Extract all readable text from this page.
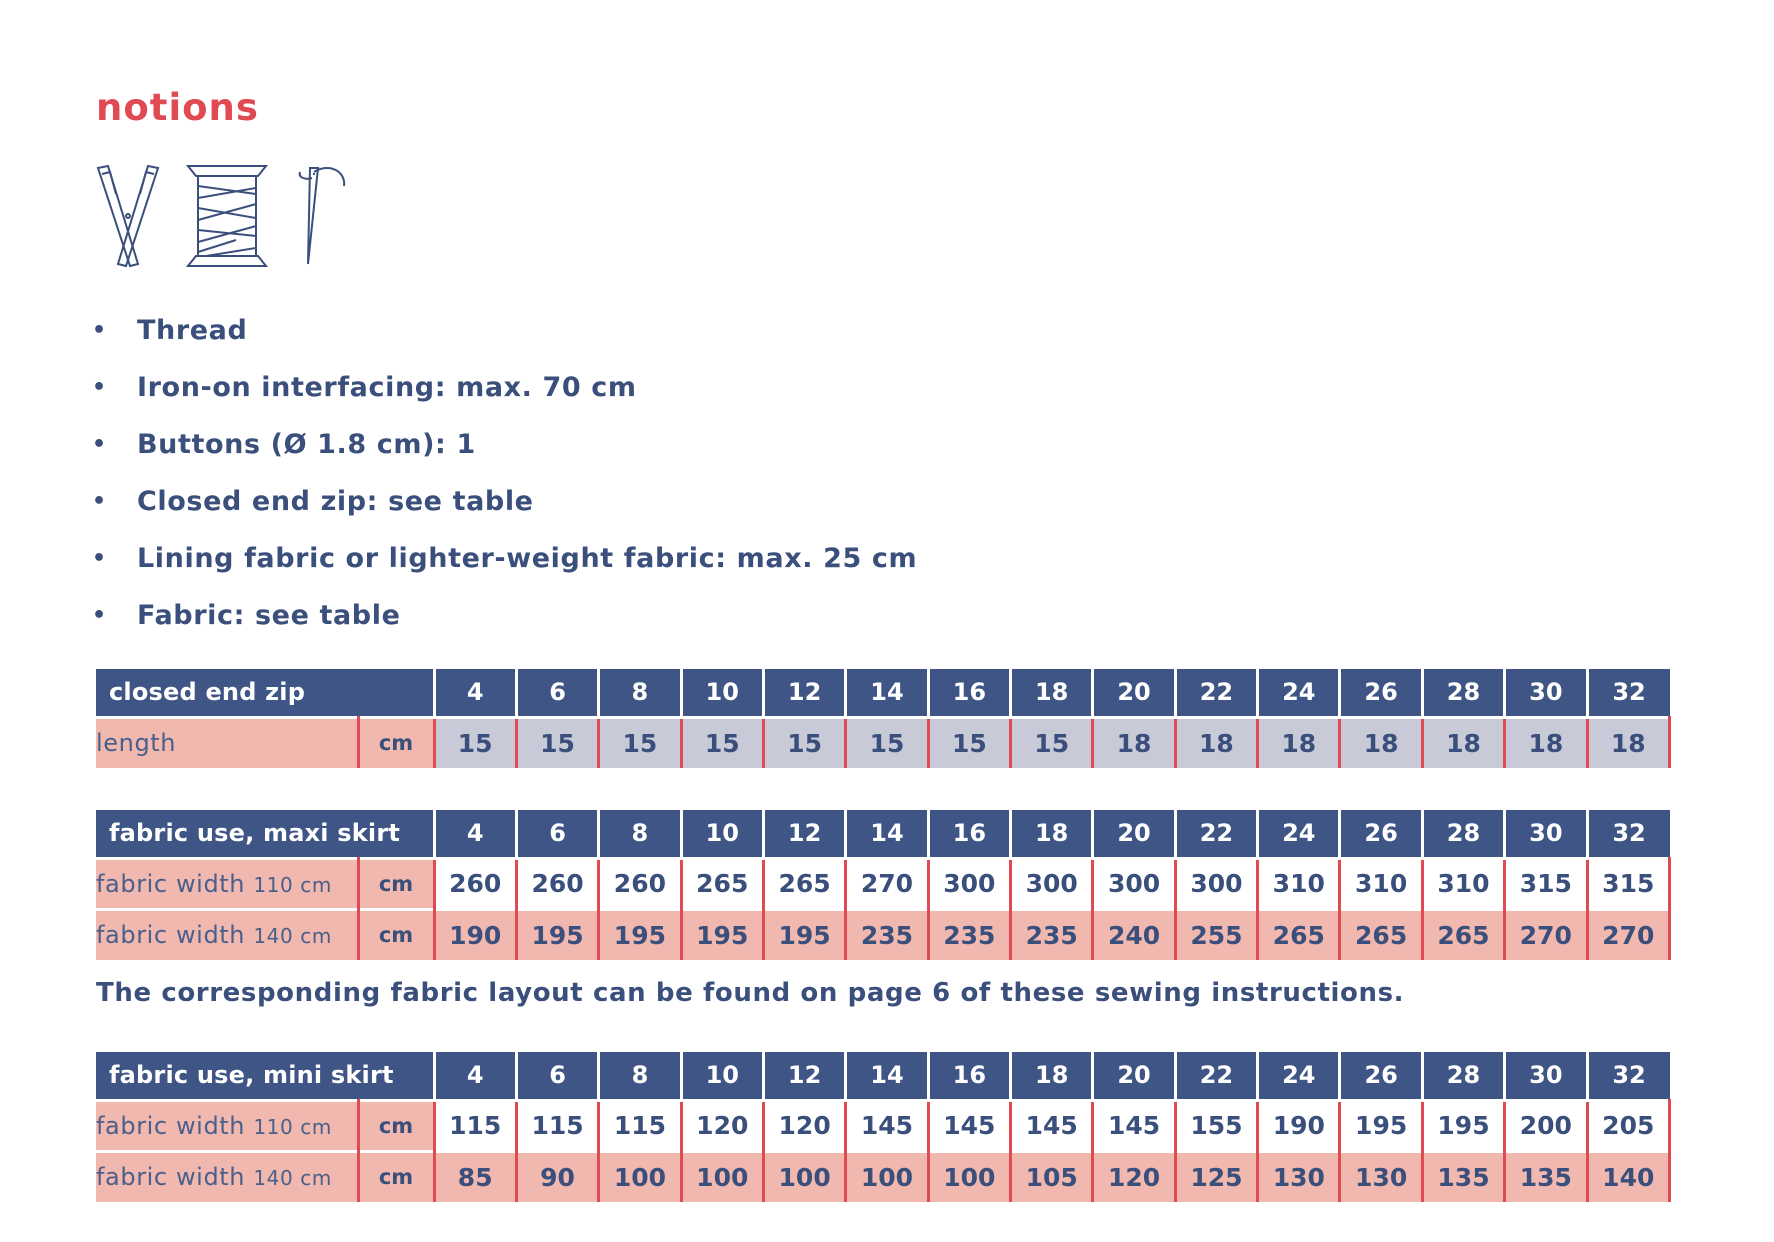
notions
•	Thread
•	Iron-on interfacing: max. 70 cm
•	Buttons (Ø 1.8 cm): 1
•	Closed end zip: see table
•	Lining fabric or lighter-weight fabric: max. 25 cm
•	Fabric: see table
closed end zip		4	6	8	10	12	14	16	18	20	22	24	26	28	30	32
length	cm	15	15	15	15	15	15	15	15	18	18	18	18	18	18	18
fabric use, maxi skirt		4	6	8	10	12	14	16	18	20	22	24	26	28	30	32
fabric width 110 cm	cm	260	260	260	265	265	270	300	300	300	300	310	310	310	315	315
fabric width 140 cm	cm	190	195	195	195	195	235	235	235	240	255	265	265	265	270	270
The corresponding fabric layout can be found on page 6 of these sewing instructions.
fabric use, mini skirt		4	6	8	10	12	14	16	18	20	22	24	26	28	30	32
fabric width 110 cm	cm	115	115	115	120	120	145	145	145	145	155	190	195	195	200	205
fabric width 140 cm	cm	85	90	100	100	100	100	100	105	120	125	130	130	135	135	140
